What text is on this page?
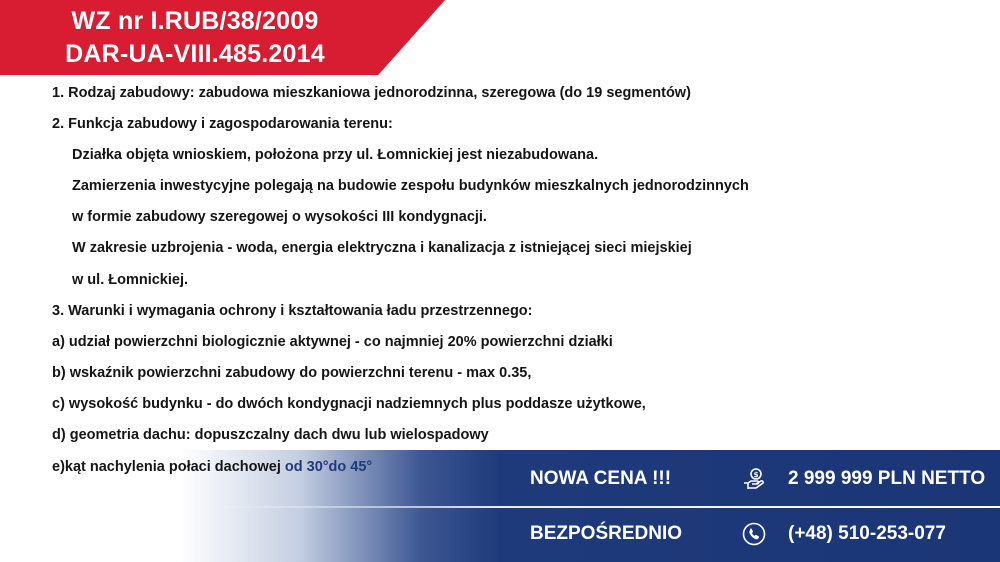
WZ nr I.RUB/38/2009
DAR-UA-VIII.485.2014
1. Rodzaj zabudowy: zabudowa mieszkaniowa jednorodzinna, szeregowa (do 19 segmentów)
2. Funkcja zabudowy i zagospodarowania terenu:
Działka objęta wnioskiem, położona przy ul. Łomnickiej jest niezabudowana.
Zamierzenia inwestycyjne polegają na budowie zespołu budynków mieszkalnych jednorodzinnych
w formie zabudowy szeregowej o wysokości III kondygnacji.
W zakresie uzbrojenia - woda, energia elektryczna i kanalizacja z istniejącej sieci miejskiej
w ul. Łomnickiej.
3. Warunki i wymagania ochrony i kształtowania ładu przestrzennego:
a) udział powierzchni biologicznie aktywnej - co najmniej 20% powierzchni działki
b) wskaźnik powierzchni zabudowy do powierzchni terenu - max 0.35,
c) wysokość budynku - do dwóch kondygnacji nadziemnych plus poddasze użytkowe,
d) geometria dachu: dopuszczalny dach dwu lub wielospadowy
e)kąt nachylenia połaci dachowej od 30°do 45°
NOWA CENA !!!	$ 2 999 999 PLN NETTO
BEZPOŚREDNIO	(+48) 510-253-077
